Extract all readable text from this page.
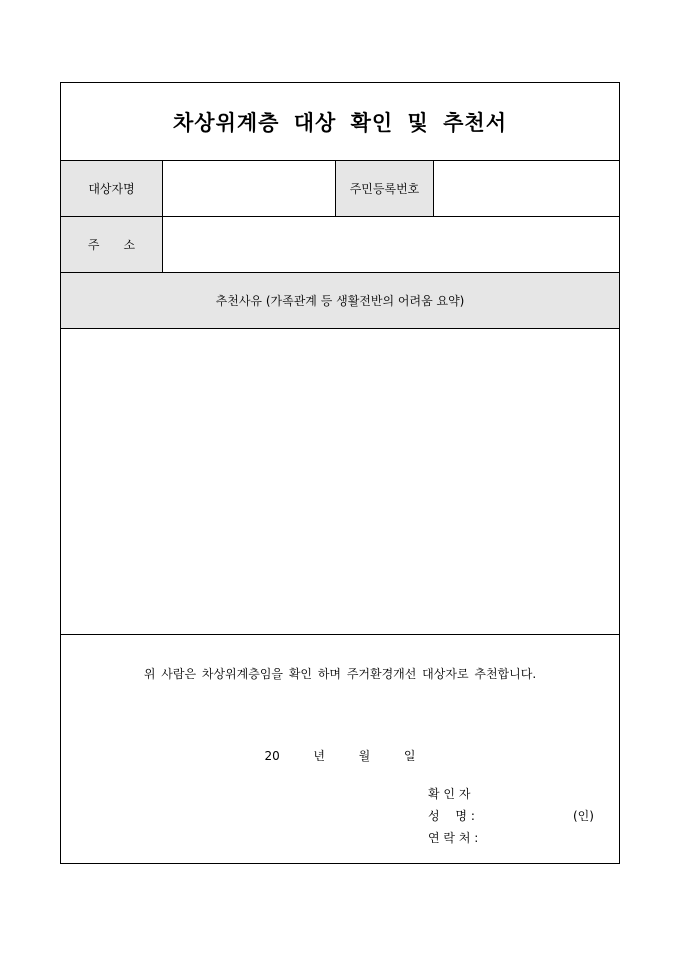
차상위계층 대상 확인 및 추천서
대상자명	주민등록번호
주　　소
추천사유 (가족관계 등 생활전반의 어려움 요약)
위 사람은 차상위계층임을 확인 하며 주거환경개선 대상자로 추천합니다.
20	년	월	일
확 인 자
성　 명 :	(인)
연 락 처 :
